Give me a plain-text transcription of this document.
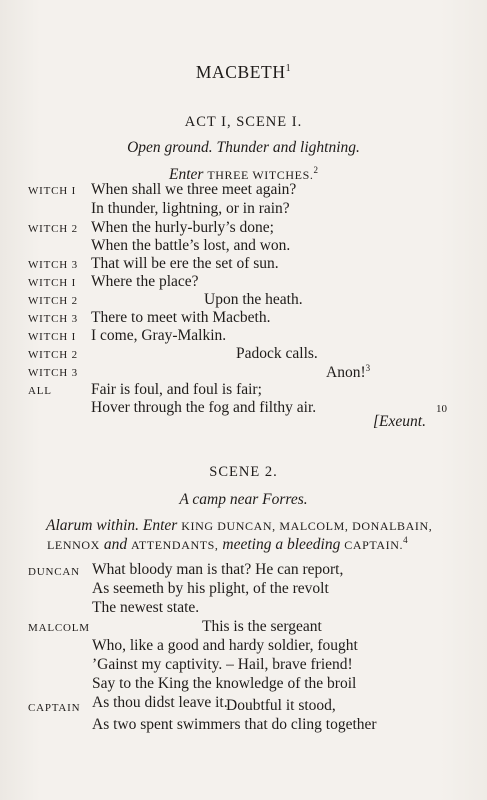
MACBETH$^1$
ACT I, SCENE I.
Open ground. Thunder and lightning.
Enter THREE WITCHES.$^2$
WITCH I
WITCH 2
WITCH 3
WITCH I
WITCH 2
WITCH 3
WITCH I
WITCH 2
WITCH 3
ALL
When shall we three meet again?
In thunder, lightning, or in rain?
When the hurly-burly’s done;
When the battle’s lost, and won.
That will be ere the set of sun.
Where the place?
Upon the heath.
There to meet with Macbeth.
I come, Gray-Malkin.
Padock calls.
Anon!$^3$
Fair is foul, and foul is fair;
Hover through the fog and filthy air.	10
[Exeunt.
SCENE 2.
A camp near Forres.
Alarum within. Enter KING DUNCAN, MALCOLM, DONALBAIN,
LENNOX and ATTENDANTS, meeting a bleeding CAPTAIN.$^4$
DUNCAN
MALCOLM
CAPTAIN
What bloody man is that? He can report,
As seemeth by his plight, of the revolt
The newest state.
This is the sergeant
Who, like a good and hardy soldier, fought
’Gainst my captivity. – Hail, brave friend!
Say to the King the knowledge of the broil
As thou didst leave it.
Doubtful it stood,
As two spent swimmers that do cling together
